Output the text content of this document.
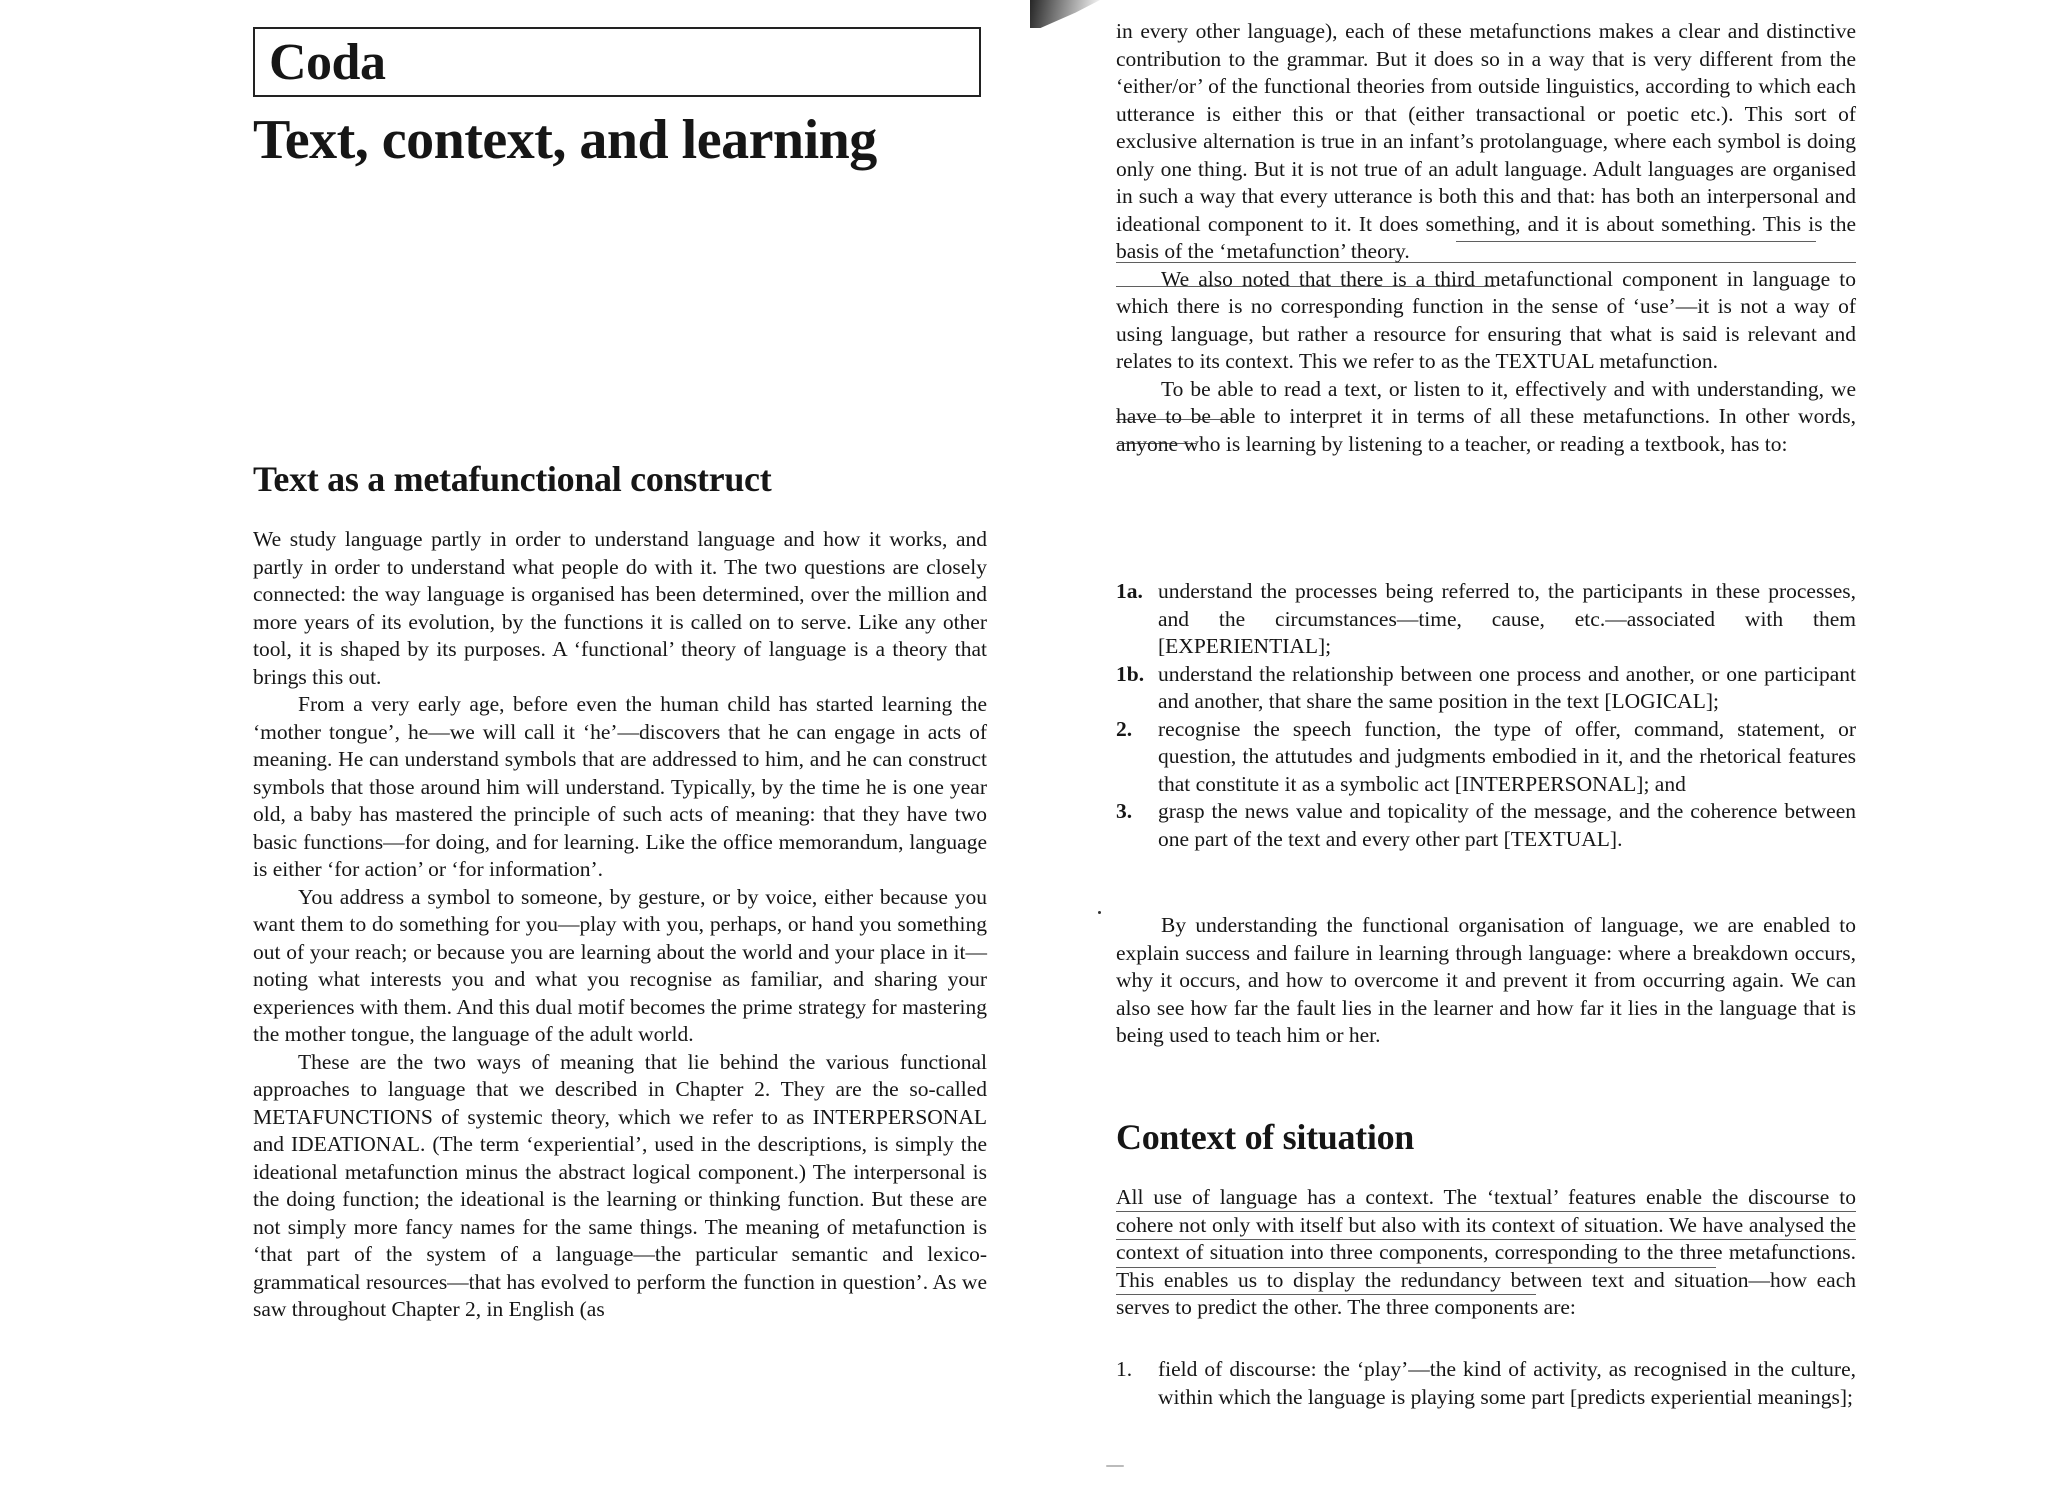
Coda
Text, context, and learning
Text as a metafunctional construct

We study language partly in order to understand language and how it works, and partly in order to understand what people do with it. The two questions are closely connected: the way language is organised has been determined, over the million and more years of its evolution, by the functions it is called on to serve. Like any other tool, it is shaped by its purposes. A ‘functional’ theory of language is a theory that brings this out.

From a very early age, before even the human child has started learning the ‘mother tongue’, he—we will call it ‘he’—discovers that he can engage in acts of meaning. He can understand symbols that are addressed to him, and he can construct symbols that those around him will understand. Typically, by the time he is one year old, a baby has mastered the principle of such acts of meaning: that they have two basic functions—for doing, and for learning. Like the office memorandum, language is either ‘for action’ or ‘for information’.

You address a symbol to someone, by gesture, or by voice, either because you want them to do something for you—play with you, perhaps, or hand you something out of your reach; or because you are learning about the world and your place in it—noting what interests you and what you recognise as familiar, and sharing your experiences with them. And this dual motif becomes the prime strategy for mastering the mother tongue, the language of the adult world.

These are the two ways of meaning that lie behind the various functional approaches to language that we described in Chapter 2. They are the so-called METAFUNCTIONS of systemic theory, which we refer to as INTERPERSONAL and IDEATIONAL. (The term ‘experiential’, used in the descriptions, is simply the ideational metafunction minus the abstract logical component.) The interpersonal is the doing function; the ideational is the learning or thinking function. But these are not simply more fancy names for the same things. The meaning of metafunction is ‘that part of the system of a language—the particular semantic and lexico-grammatical resources—that has evolved to perform the function in question’. As we saw throughout Chapter 2, in English (as

in every other language), each of these metafunctions makes a clear and distinctive contribution to the grammar. But it does so in a way that is very different from the ‘either/or’ of the functional theories from outside linguistics, according to which each utterance is either this or that (either transactional or poetic etc.). This sort of exclusive alternation is true in an infant’s protolanguage, where each symbol is doing only one thing. But it is not true of an adult language. Adult languages are organised in such a way that every utterance is both this and that: has both an interpersonal and ideational component to it. It does something, and it is about something. This is the basis of the ‘metafunction’ theory.

We also noted that there is a third metafunctional component in language to which there is no corresponding function in the sense of ‘use’—it is not a way of using language, but rather a resource for ensuring that what is said is relevant and relates to its context. This we refer to as the TEXTUAL metafunction.

To be able to read a text, or listen to it, effectively and with understanding, we have to be able to interpret it in terms of all these metafunctions. In other words, anyone who is learning by listening to a teacher, or reading a textbook, has to:

1a. understand the processes being referred to, the participants in these processes, and the circumstances—time, cause, etc.—associated with them [EXPERIENTIAL];
1b. understand the relationship between one process and another, or one participant and another, that share the same position in the text [LOGICAL];
2. recognise the speech function, the type of offer, command, statement, or question, the attutudes and judgments embodied in it, and the rhetorical features that constitute it as a symbolic act [INTERPERSONAL]; and
3. grasp the news value and topicality of the message, and the coherence between one part of the text and every other part [TEXTUAL].

By understanding the functional organisation of language, we are enabled to explain success and failure in learning through language: where a breakdown occurs, why it occurs, and how to overcome it and prevent it from occurring again. We can also see how far the fault lies in the learner and how far it lies in the language that is being used to teach him or her.

Context of situation

All use of language has a context. The ‘textual’ features enable the discourse to cohere not only with itself but also with its context of situation. We have analysed the context of situation into three components, corresponding to the three metafunctions. This enables us to display the redundancy between text and situation—how each serves to predict the other. The three components are:

1. field of discourse: the ‘play’—the kind of activity, as recognised in the culture, within which the language is playing some part [predicts experiential meanings];
